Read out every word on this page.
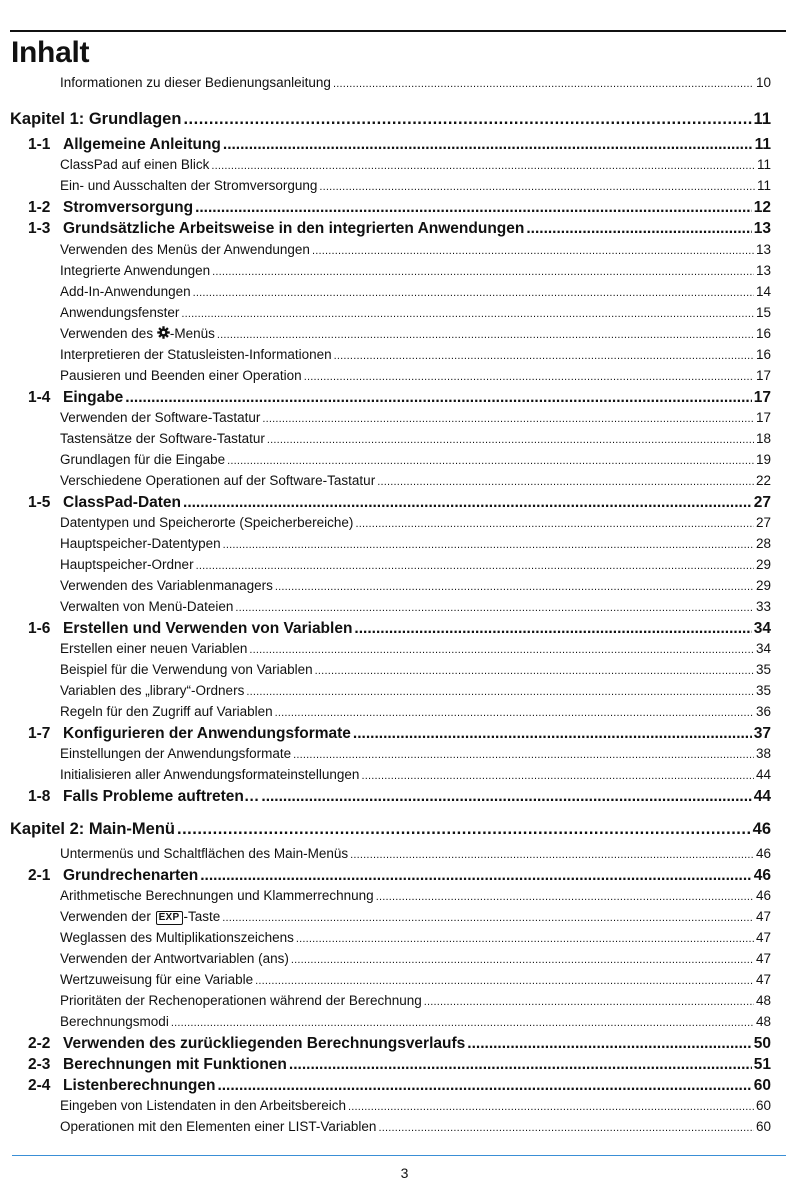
Inhalt
Informationen zu dieser Bedienungsanleitung .....	10
Kapitel 1: Grundlagen .....	11
1-1 Allgemeine Anleitung .....	11
ClassPad auf einen Blick .....	11
Ein- und Ausschalten der Stromversorgung .....	11
1-2 Stromversorgung .....	12
1-3 Grundsätzliche Arbeitsweise in den integrierten Anwendungen .....	13
Verwenden des Menüs der Anwendungen .....	13
Integrierte Anwendungen .....	13
Add-In-Anwendungen .....	14
Anwendungsfenster .....	15
Verwenden des -Menüs .....	16
Interpretieren der Statusleisten-Informationen .....	16
Pausieren und Beenden einer Operation .....	17
1-4 Eingabe .....	17
Verwenden der Software-Tastatur .....	17
Tastensätze der Software-Tastatur .....	18
Grundlagen für die Eingabe .....	19
Verschiedene Operationen auf der Software-Tastatur .....	22
1-5 ClassPad-Daten .....	27
Datentypen und Speicherorte (Speicherbereiche) .....	27
Hauptspeicher-Datentypen .....	28
Hauptspeicher-Ordner .....	29
Verwenden des Variablenmanagers .....	29
Verwalten von Menü-Dateien .....	33
1-6 Erstellen und Verwenden von Variablen .....	34
Erstellen einer neuen Variablen .....	34
Beispiel für die Verwendung von Variablen .....	35
Variablen des „library“-Ordners .....	35
Regeln für den Zugriff auf Variablen .....	36
1-7 Konfigurieren der Anwendungsformate .....	37
Einstellungen der Anwendungsformate .....	38
Initialisieren aller Anwendungsformateinstellungen .....	44
1-8 Falls Probleme auftreten… .....	44
Kapitel 2: Main-Menü .....	46
Untermenüs und Schaltflächen des Main-Menüs .....	46
2-1 Grundrechenarten .....	46
Arithmetische Berechnungen und Klammerrechnung .....	46
Verwenden der EXP -Taste .....	47
Weglassen des Multiplikationszeichens .....	47
Verwenden der Antwortvariablen (ans) .....	47
Wertzuweisung für eine Variable .....	47
Prioritäten der Rechenoperationen während der Berechnung .....	48
Berechnungsmodi .....	48
2-2 Verwenden des zurückliegenden Berechnungsverlaufs .....	50
2-3 Berechnungen mit Funktionen .....	51
2-4 Listenberechnungen .....	60
Eingeben von Listendaten in den Arbeitsbereich .....	60
Operationen mit den Elementen einer LIST-Variablen .....	60
3
